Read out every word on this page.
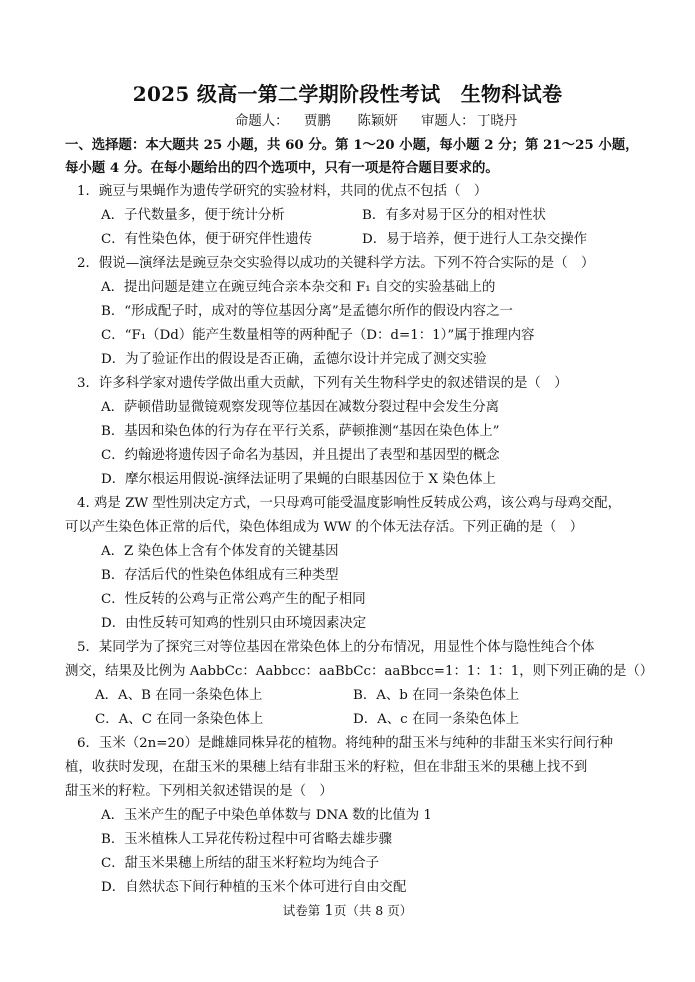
2025 级高一第二学期阶段性考试　生物科试卷
命题人： 贾鹏　　陈颖妍 审题人： 丁晓丹
一、选择题：本大题共 25 小题，共 60 分。第 1～20 小题，每小题 2 分；第 21～25 小题，
每小题 4 分。在每小题给出的四个选项中，只有一项是符合题目要求的。
1．豌豆与果蝇作为遗传学研究的实验材料，共同的优点不包括（　）
A．子代数量多，便于统计分析	B．有多对易于区分的相对性状
C．有性染色体，便于研究伴性遗传	D．易于培养，便于进行人工杂交操作
2．假说—演绎法是豌豆杂交实验得以成功的关键科学方法。下列不符合实际的是（　）
A．提出问题是建立在豌豆纯合亲本杂交和 F₁ 自交的实验基础上的
B．“形成配子时，成对的等位基因分离”是孟德尔所作的假设内容之一
C．“F₁（Dd）能产生数量相等的两种配子（D：d=1：1）”属于推理内容
D．为了验证作出的假设是否正确，孟德尔设计并完成了测交实验
3．许多科学家对遗传学做出重大贡献，下列有关生物科学史的叙述错误的是（　）
A．萨顿借助显微镜观察发现等位基因在减数分裂过程中会发生分离
B．基因和染色体的行为存在平行关系，萨顿推测“基因在染色体上”
C．约翰逊将遗传因子命名为基因，并且提出了表型和基因型的概念
D．摩尔根运用假说-演绎法证明了果蝇的白眼基因位于 X 染色体上
4. 鸡是 ZW 型性别决定方式，一只母鸡可能受温度影响性反转成公鸡，该公鸡与母鸡交配，
可以产生染色体正常的后代，染色体组成为 WW 的个体无法存活。下列正确的是（　）
A．Z 染色体上含有个体发育的关键基因
B．存活后代的性染色体组成有三种类型
C．性反转的公鸡与正常公鸡产生的配子相同
D．由性反转可知鸡的性别只由环境因素决定
5．某同学为了探究三对等位基因在常染色体上的分布情况，用显性个体与隐性纯合个体
测交，结果及比例为 AabbCc：Aabbcc：aaBbCc：aaBbcc=1：1：1：1，则下列正确的是（）
A．A、B 在同一条染色体上	B．A、b 在同一条染色体上
C．A、C 在同一条染色体上	D．A、c 在同一条染色体上
6．玉米（2n=20）是雌雄同株异花的植物。将纯种的甜玉米与纯种的非甜玉米实行间行种
植，收获时发现，在甜玉米的果穗上结有非甜玉米的籽粒，但在非甜玉米的果穗上找不到
甜玉米的籽粒。下列相关叙述错误的是（　）
A．玉米产生的配子中染色单体数与 DNA 数的比值为 1
B．玉米植株人工异花传粉过程中可省略去雄步骤
C．甜玉米果穗上所结的甜玉米籽粒均为纯合子
D．自然状态下间行种植的玉米个体可进行自由交配
试卷第 1页（共 8 页）
